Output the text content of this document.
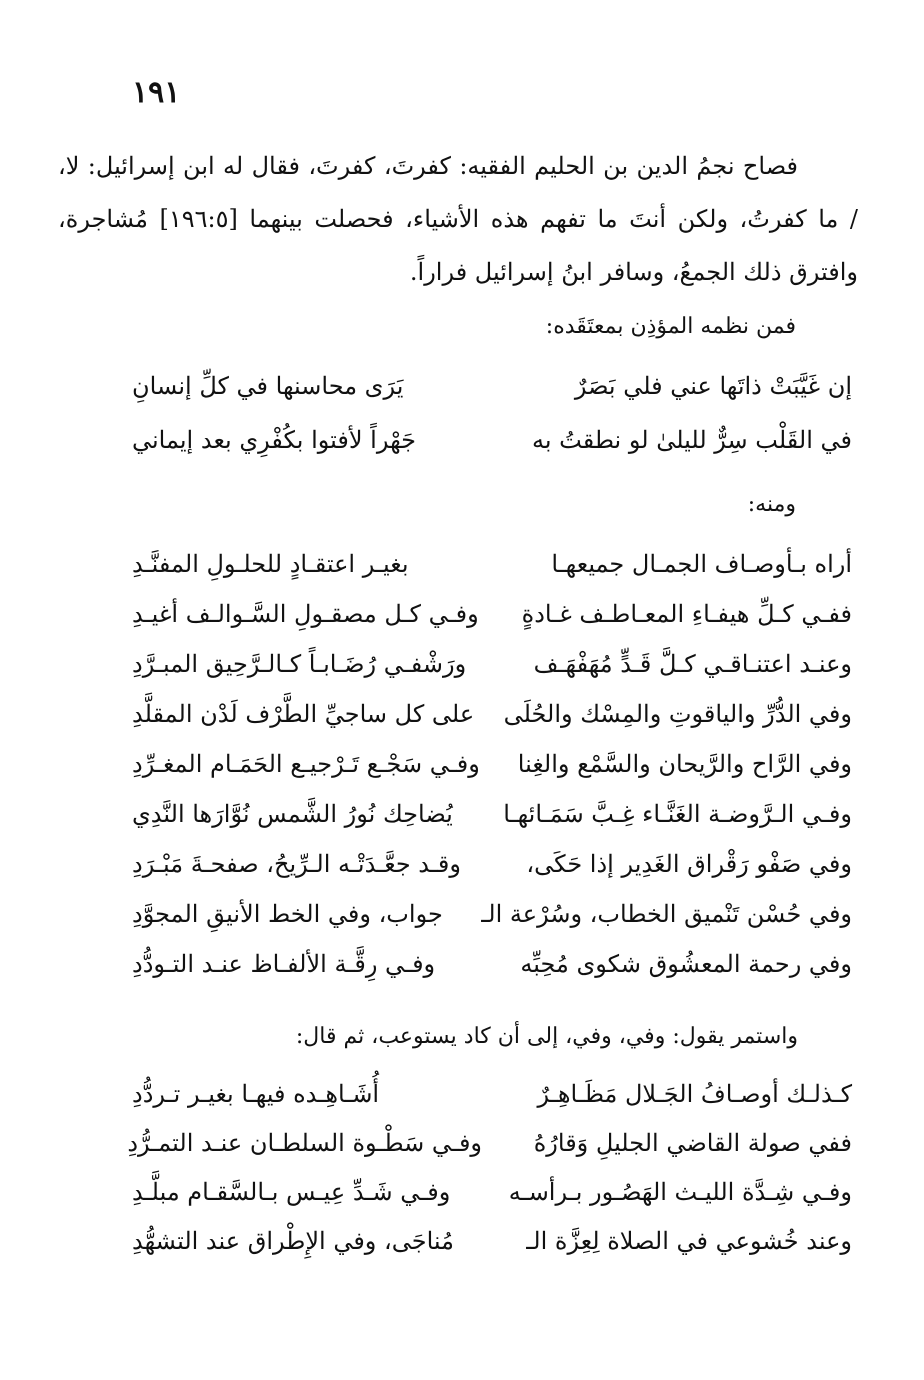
١٩١

فصاح نجمُ الدين بن الحليم الفقيه: كفرتَ، كفرتَ، فقال له ابن إسرائيل: لا، / ما كفرتُ، ولكن أنتَ ما تفهم هذه الأشياء، فحصلت بينهما [١٩٦:٥] مُشاجرة، وافترق ذلك الجمعُ، وسافر ابنُ إسرائيل فراراً.

فمن نظمه المؤذِن بمعتَقَده:
إن غَيَّبَتْ ذاتَها عني فلي بَصَرٌ
يَرَى محاسنها في كلِّ إنسانِ
في القَلْب سِرٌّ لليلىٰ لو نطقتُ به
جَهْراً لأفتوا بكُفْرِي بعد إيماني
ومنه:
أراه بـأوصـاف الجمـال جميعهـا
بغيـر اعتقـادٍ للحلـولِ المفنَّـدِ
ففـي كـلِّ هيفـاءِ المعـاطـف غـادةٍ
وفـي كـل مصقـولِ السَّـوالـف أغيـدِ
وعنـد اعتنـاقـي كـلَّ قَـدٍّ مُهَفْهَـف
ورَشْفـي رُضَـابـاً كـالـرَّحِيق المبـرَّدِ
وفي الدُّرِّ والياقوتِ والمِسْك والحُلَى
على كل ساجيِّ الطَّرْف لَدْن المقلَّدِ
وفي الرَّاح والرَّيحان والسَّمْع والغِنا
وفـي سَجْـع تَـرْجيـع الحَمَـام المغـرِّدِ
وفـي الـرَّوضـة الغَنَّـاء غِـبَّ سَمَـائهـا
يُضاحِك نُورُ الشَّمس نُوَّارَها النَّدِي
وفي صَفْو رَقْراق الغَدِير إذا حَكَى،
وقـد جعَّـدَتْـه الـرِّيحُ، صفحـةَ مَبْـرَدِ
وفي حُسْن تَنْميق الخطاب، وسُرْعة الـ
جواب، وفي الخط الأنيقِ المجوَّدِ
وفي رحمة المعشُوق شكوى مُحِبِّه
وفـي رِقَّـة الألفـاظ عنـد التـودُّدِ
واستمر يقول: وفي، وفي، إلى أن كاد يستوعب، ثم قال:
كـذلـك أوصـافُ الجَـلال مَظَـاهِـرٌ
أُشَـاهِـده فيهـا بغيـر تـردُّدِ
ففي صولة القاضي الجليلِ وَقارُهُ
وفـي سَطْـوة السلطـان عنـد التمـرُّدِ
وفـي شِـدَّة الليـث الهَصُـور بـرأسـه
وفـي شَـدِّ عِيـس بـالسَّقـام مبلَّـدِ
وعند خُشوعي في الصلاة لِعِزَّة الـ
مُناجَى، وفي الإِطْراق عند التشهُّدِ
